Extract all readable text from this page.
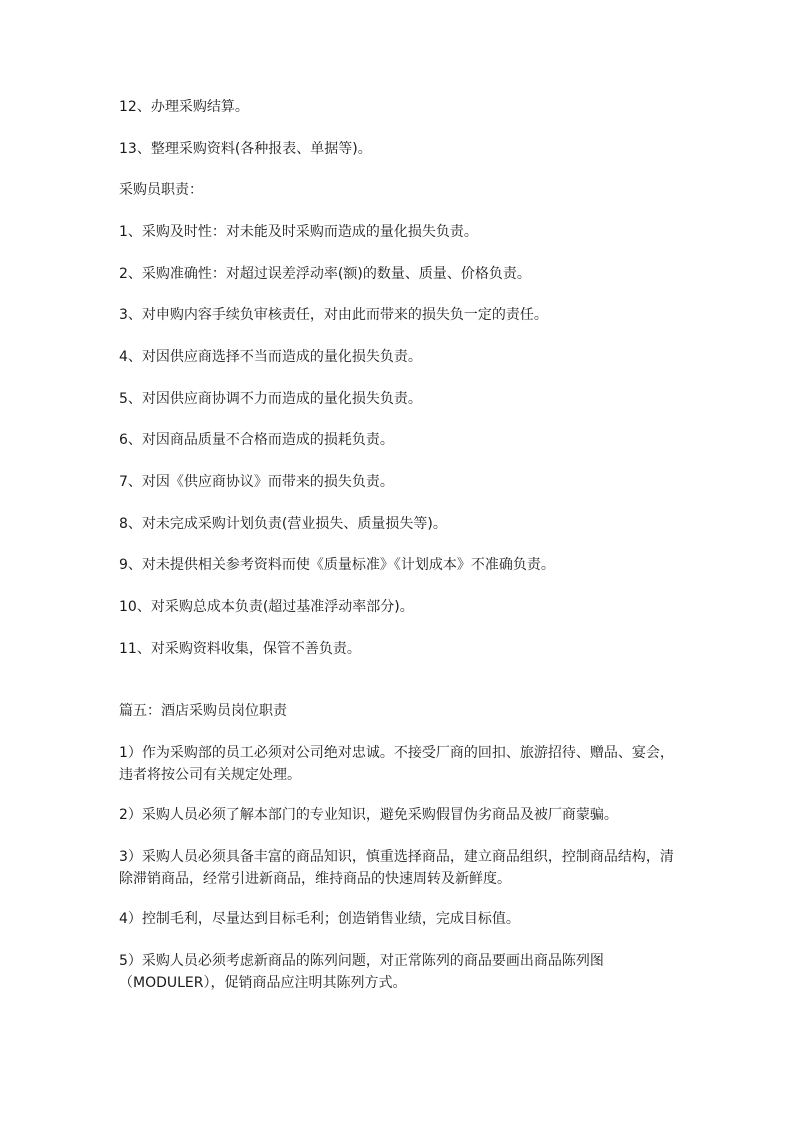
12、办理采购结算。
13、整理采购资料(各种报表、单据等)。
采购员职责：
1、采购及时性：对未能及时采购而造成的量化损失负责。
2、采购准确性：对超过误差浮动率(额)的数量、质量、价格负责。
3、对申购内容手续负审核责任，对由此而带来的损失负一定的责任。
4、对因供应商选择不当而造成的量化损失负责。
5、对因供应商协调不力而造成的量化损失负责。
6、对因商品质量不合格而造成的损耗负责。
7、对因《供应商协议》而带来的损失负责。
8、对未完成采购计划负责(营业损失、质量损失等)。
9、对未提供相关参考资料而使《质量标准》《计划成本》不准确负责。
10、对采购总成本负责(超过基准浮动率部分)。
11、对采购资料收集，保管不善负责。
篇五：酒店采购员岗位职责
1）作为采购部的员工必须对公司绝对忠诚。不接受厂商的回扣、旅游招待、赠品、宴会，
违者将按公司有关规定处理。
2）采购人员必须了解本部门的专业知识，避免采购假冒伪劣商品及被厂商蒙骗。
3）采购人员必须具备丰富的商品知识，慎重选择商品，建立商品组织，控制商品结构，清
除滞销商品，经常引进新商品，维持商品的快速周转及新鲜度。
4）控制毛利，尽量达到目标毛利；创造销售业绩，完成目标值。
5）采购人员必须考虑新商品的陈列问题，对正常陈列的商品要画出商品陈列图
（MODULER），促销商品应注明其陈列方式。
